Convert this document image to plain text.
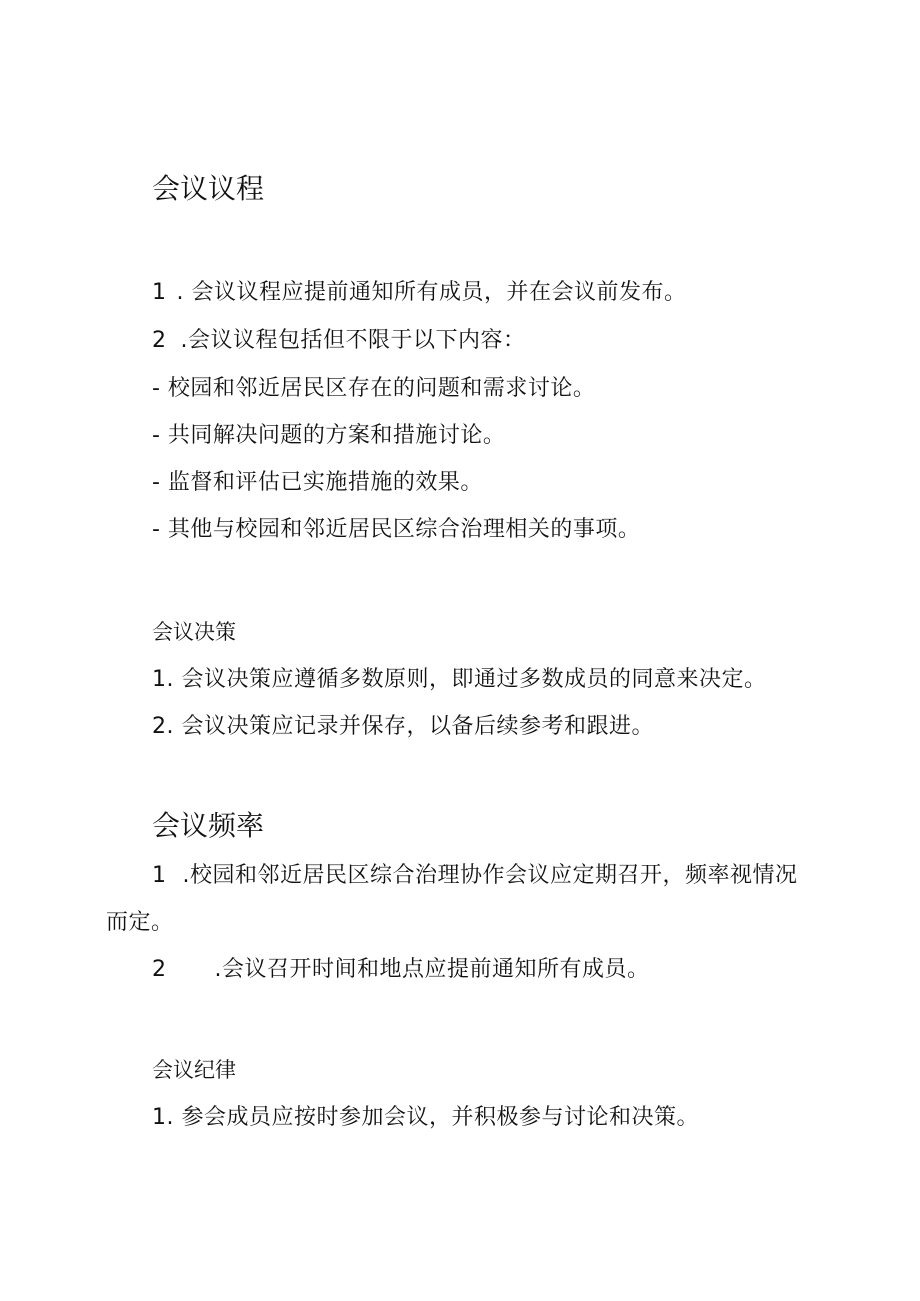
会议议程
1 . 会议议程应提前通知所有成员，并在会议前发布。
2 .会议议程包括但不限于以下内容：
- 校园和邻近居民区存在的问题和需求讨论。
- 共同解决问题的方案和措施讨论。
- 监督和评估已实施措施的效果。
- 其他与校园和邻近居民区综合治理相关的事项。
会议决策
1. 会议决策应遵循多数原则，即通过多数成员的同意来决定。
2. 会议决策应记录并保存，以备后续参考和跟进。
会议频率
1 .校园和邻近居民区综合治理协作会议应定期召开，频率视情况
而定。
2 .会议召开时间和地点应提前通知所有成员。
会议纪律
1. 参会成员应按时参加会议，并积极参与讨论和决策。
